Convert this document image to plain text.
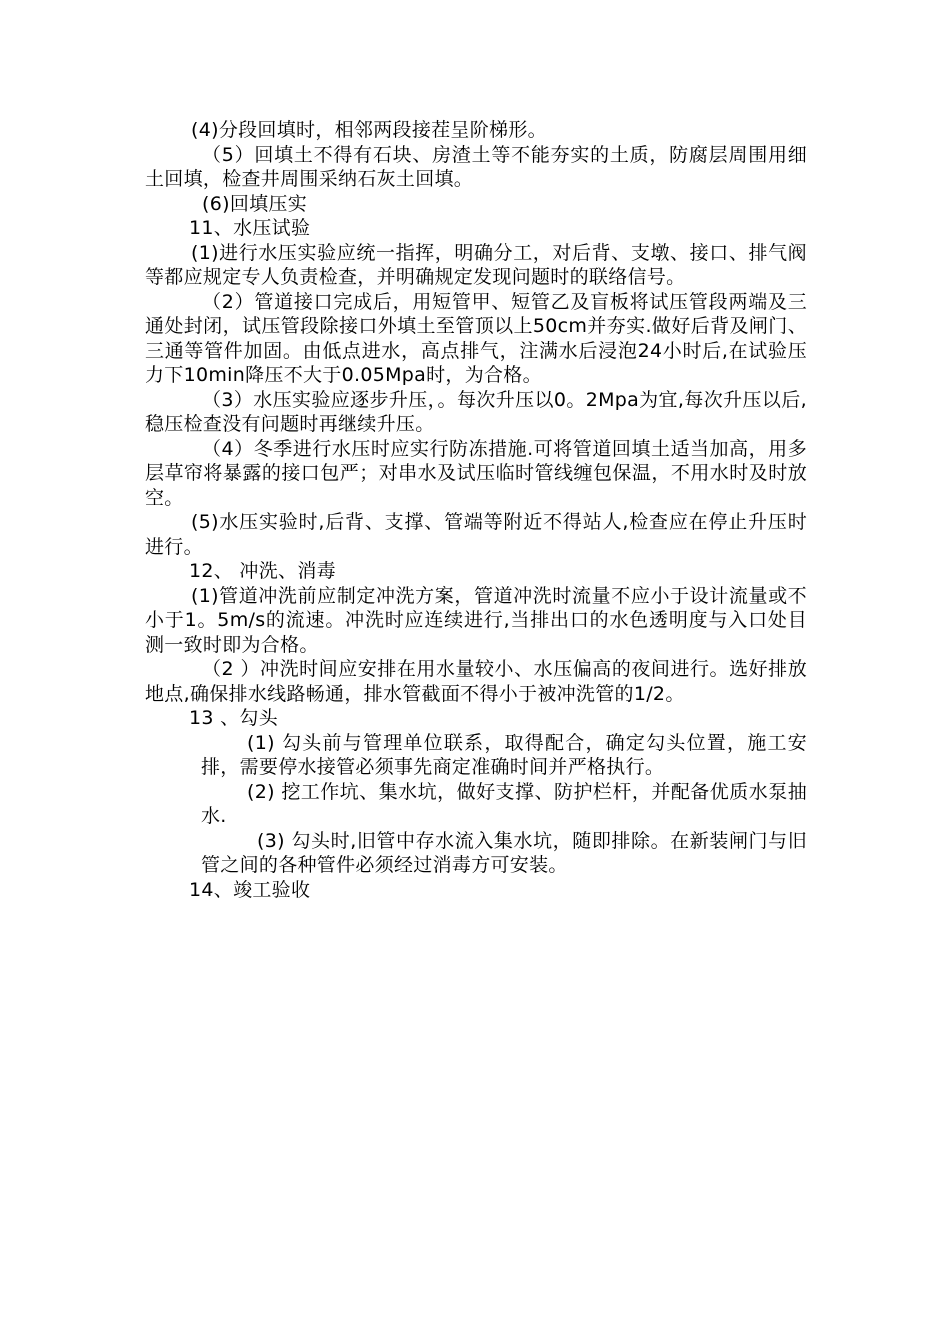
(4)分段回填时，相邻两段接茬呈阶梯形。

（5）回填土不得有石块、房渣土等不能夯实的土质，防腐层周围用细土回填，检查井周围采纳石灰土回填。

(6)回填压实

11、水压试验

(1)进行水压实验应统一指挥，明确分工，对后背、支墩、接口、排气阀等都应规定专人负责检查，并明确规定发现问题时的联络信号。

（2）管道接口完成后，用短管甲、短管乙及盲板将试压管段两端及三通处封闭，试压管段除接口外填土至管顶以上50cm并夯实.做好后背及闸门、三通等管件加固。由低点进水，高点排气，注满水后浸泡24小时后,在试验压力下10min降压不大于0.05Mpa时，为合格。

（3）水压实验应逐步升压，。每次升压以0。2Mpa为宜,每次升压以后,稳压检查没有问题时再继续升压。

（4）冬季进行水压时应实行防冻措施.可将管道回填土适当加高，用多层草帘将暴露的接口包严；对串水及试压临时管线缠包保温，不用水时及时放空。

(5)水压实验时,后背、支撑、管端等附近不得站人,检查应在停止升压时进行。

12、 冲洗、消毒

(1)管道冲洗前应制定冲洗方案，管道冲洗时流量不应小于设计流量或不小于1。5m/s的流速。冲洗时应连续进行,当排出口的水色透明度与入口处目测一致时即为合格。

（2 ）冲洗时间应安排在用水量较小、水压偏高的夜间进行。选好排放地点,确保排水线路畅通，排水管截面不得小于被冲洗管的1/2。

13 、勾头

(1) 勾头前与管理单位联系，取得配合，确定勾头位置，施工安排，需要停水接管必须事先商定准确时间并严格执行。

(2) 挖工作坑、集水坑，做好支撑、防护栏杆，并配备优质水泵抽水.

(3) 勾头时,旧管中存水流入集水坑，随即排除。在新装闸门与旧管之间的各种管件必须经过消毒方可安装。

14、竣工验收
